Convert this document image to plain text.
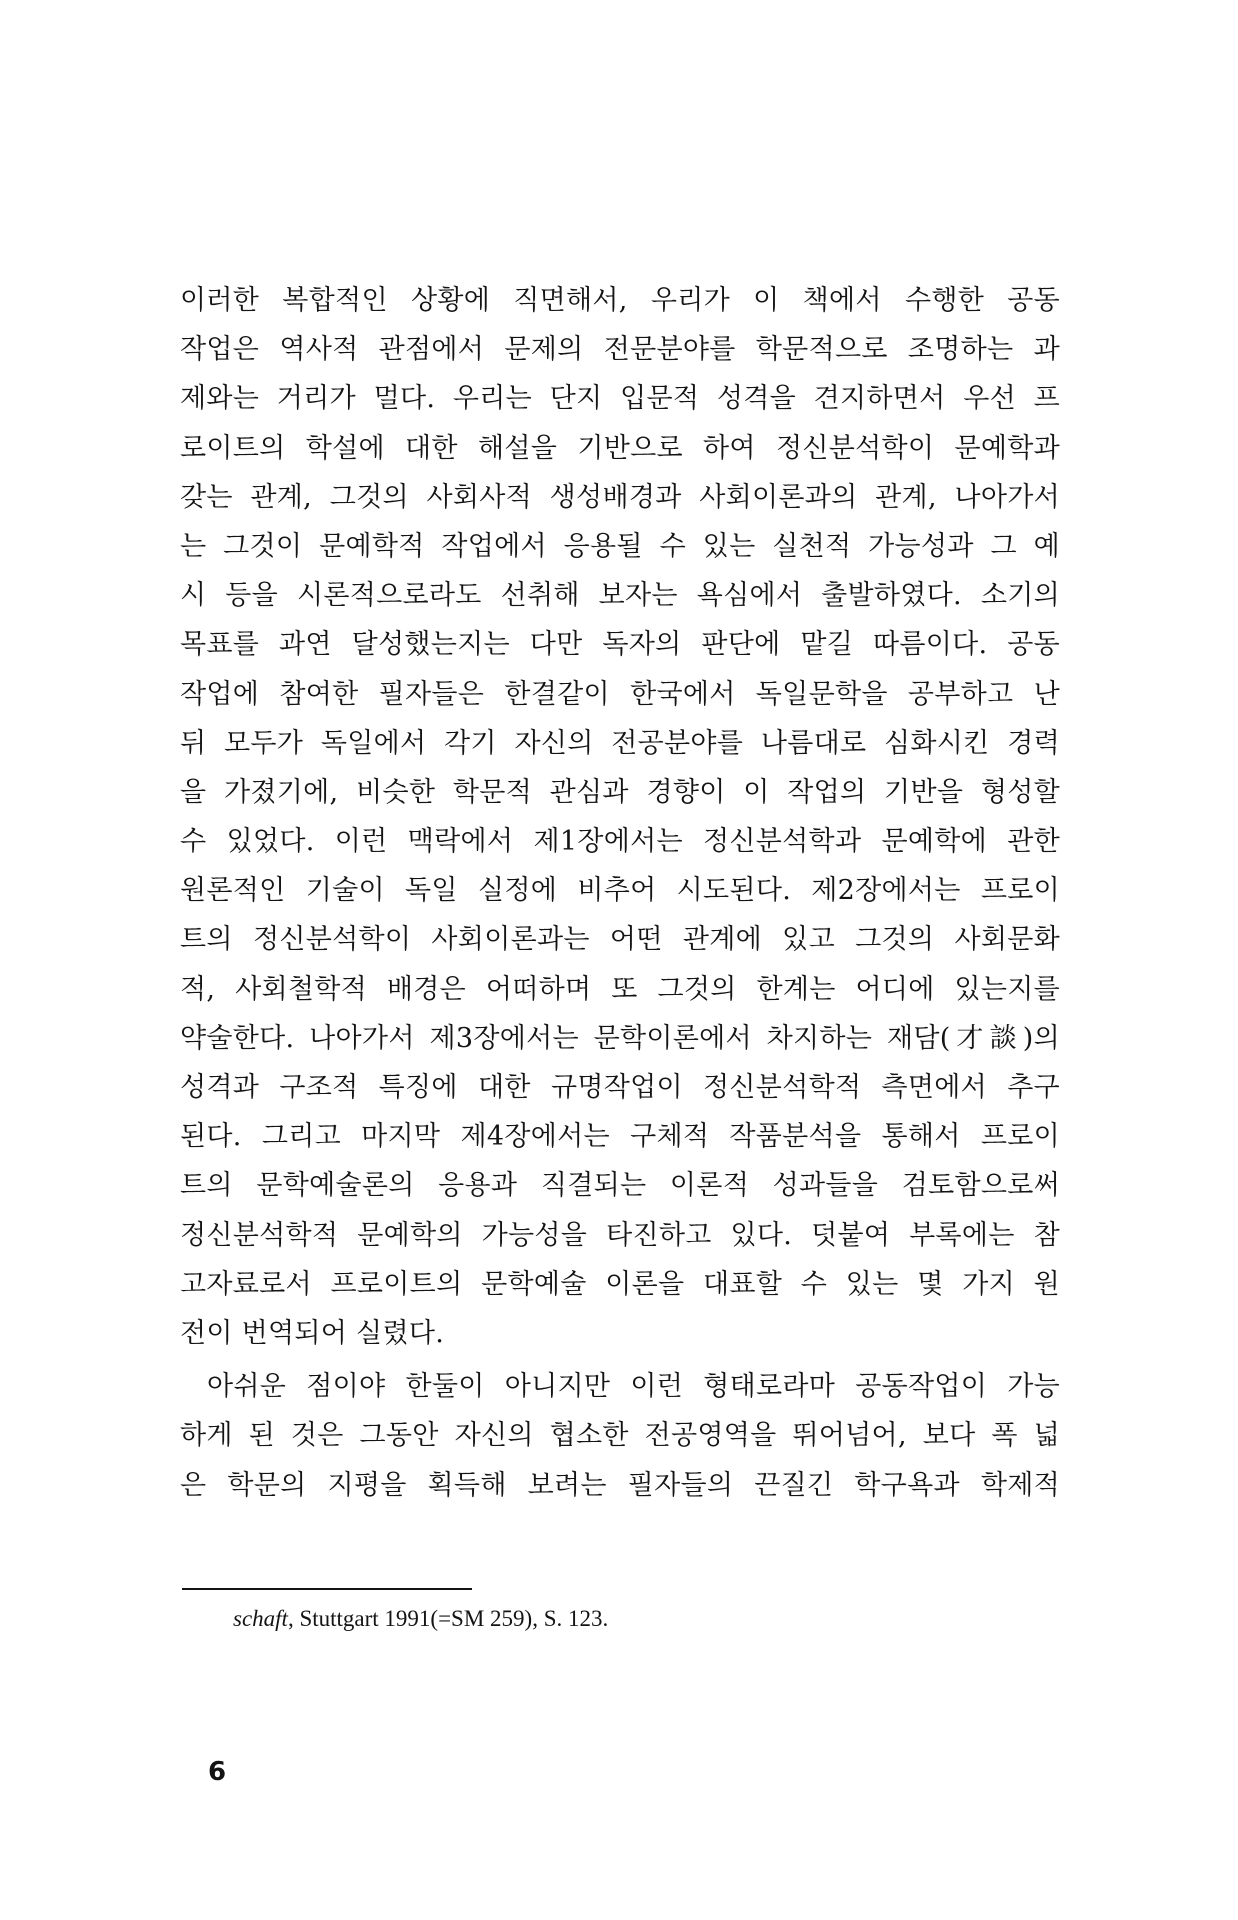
이러한 복합적인 상황에 직면해서, 우리가 이 책에서 수행한 공동
작업은 역사적 관점에서 문제의 전문분야를 학문적으로 조명하는 과
제와는 거리가 멀다. 우리는 단지 입문적 성격을 견지하면서 우선 프
로이트의 학설에 대한 해설을 기반으로 하여 정신분석학이 문예학과
갖는 관계, 그것의 사회사적 생성배경과 사회이론과의 관계, 나아가서
는 그것이 문예학적 작업에서 응용될 수 있는 실천적 가능성과 그 예
시 등을 시론적으로라도 선취해 보자는 욕심에서 출발하였다. 소기의
목표를 과연 달성했는지는 다만 독자의 판단에 맡길 따름이다. 공동
작업에 참여한 필자들은 한결같이 한국에서 독일문학을 공부하고 난
뒤 모두가 독일에서 각기 자신의 전공분야를 나름대로 심화시킨 경력
을 가졌기에, 비슷한 학문적 관심과 경향이 이 작업의 기반을 형성할
수 있었다. 이런 맥락에서 제1장에서는 정신분석학과 문예학에 관한
원론적인 기술이 독일 실정에 비추어 시도된다. 제2장에서는 프로이
트의 정신분석학이 사회이론과는 어떤 관계에 있고 그것의 사회문화
적, 사회철학적 배경은 어떠하며 또 그것의 한계는 어디에 있는지를
약술한다. 나아가서 제3장에서는 문학이론에서 차지하는 재담(才談)의
성격과 구조적 특징에 대한 규명작업이 정신분석학적 측면에서 추구
된다. 그리고 마지막 제4장에서는 구체적 작품분석을 통해서 프로이
트의 문학예술론의 응용과 직결되는 이론적 성과들을 검토함으로써
정신분석학적 문예학의 가능성을 타진하고 있다. 덧붙여 부록에는 참
고자료로서 프로이트의 문학예술 이론을 대표할 수 있는 몇 가지 원
전이 번역되어 실렸다.
아쉬운 점이야 한둘이 아니지만 이런 형태로라마 공동작업이 가능
하게 된 것은 그동안 자신의 협소한 전공영역을 뛰어넘어, 보다 폭 넓
은 학문의 지평을 획득해 보려는 필자들의 끈질긴 학구욕과 학제적
schaft, Stuttgart 1991(=SM 259), S. 123.
6
